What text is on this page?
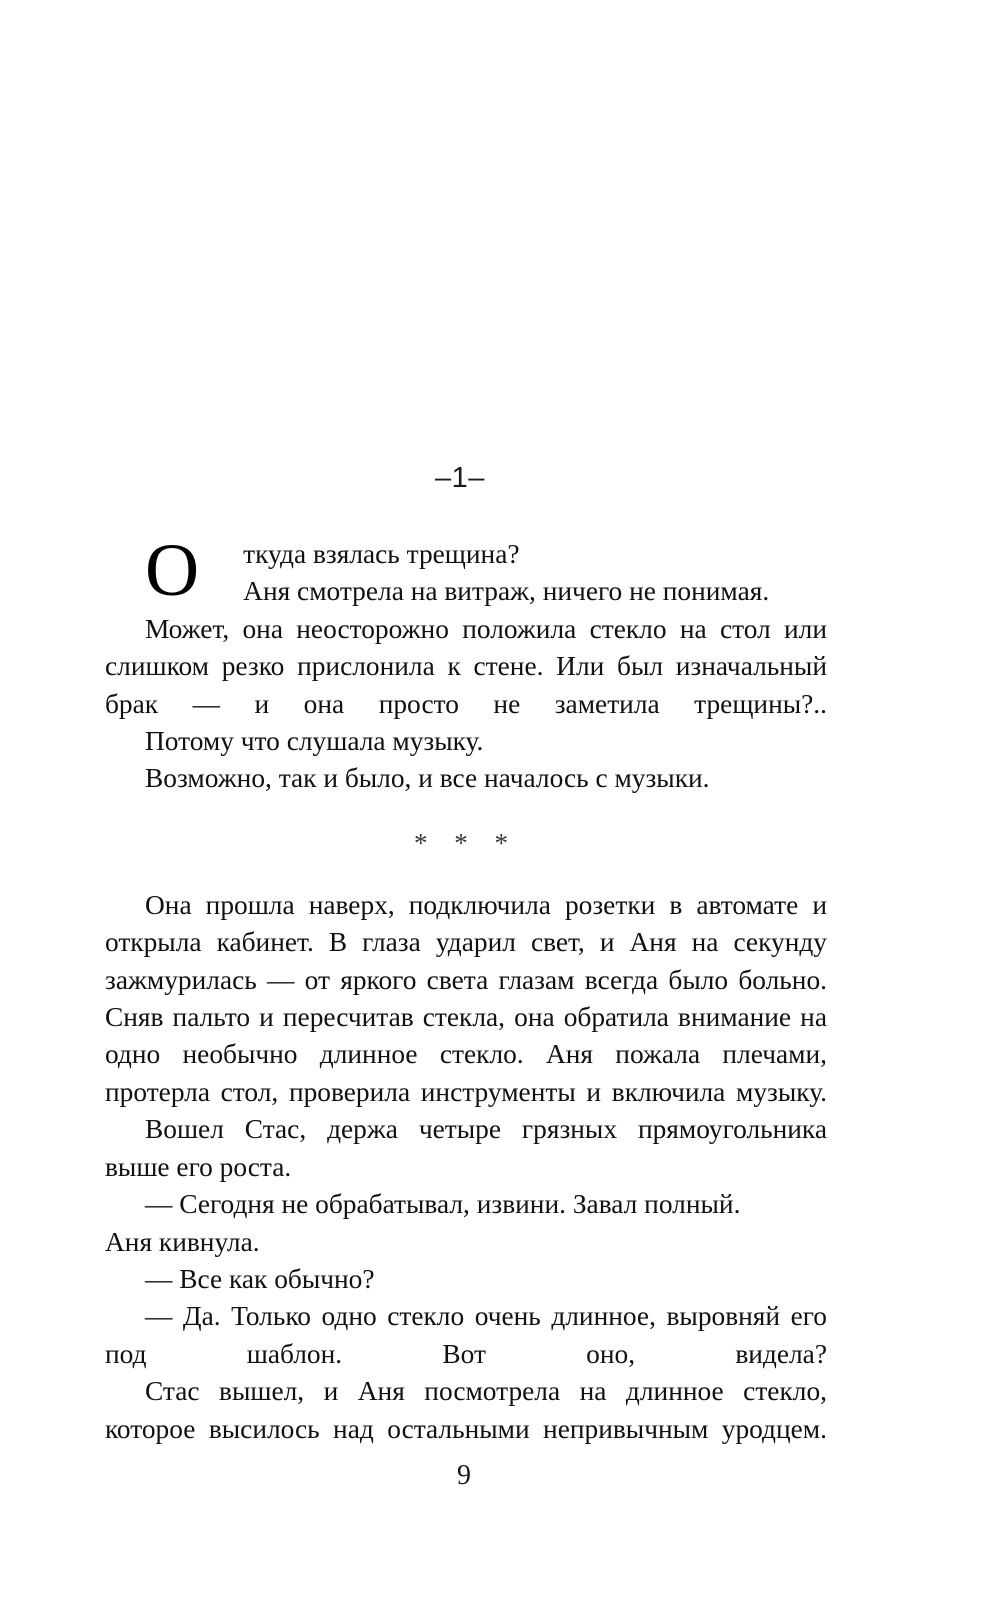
–1–

О ткуда взялась трещина?
Аня смотрела на витраж, ничего не понимая.

Может, она неосторожно положила стекло на стол или слишком резко прислонила к стене. Или был изначальный брак — и она просто не заметила трещины?..

Потому что слушала музыку.

Возможно, так и было, и все началось с музыки.

* * *

Она прошла наверх, подключила розетки в автомате и открыла кабинет. В глаза ударил свет, и Аня на секунду зажмурилась — от яркого света глазам всегда было больно. Сняв пальто и пересчитав стекла, она обратила внимание на одно необычно длинное стекло. Аня пожала плечами, протерла стол, проверила инструменты и включила музыку.

Вошел Стас, держа четыре грязных прямоугольника выше его роста.

— Сегодня не обрабатывал, извини. Завал полный.

Аня кивнула.

— Все как обычно?

— Да. Только одно стекло очень длинное, выровняй его под шаблон. Вот оно, видела?

Стас вышел, и Аня посмотрела на длинное стекло, которое высилось над остальными непривычным уродцем.

9
